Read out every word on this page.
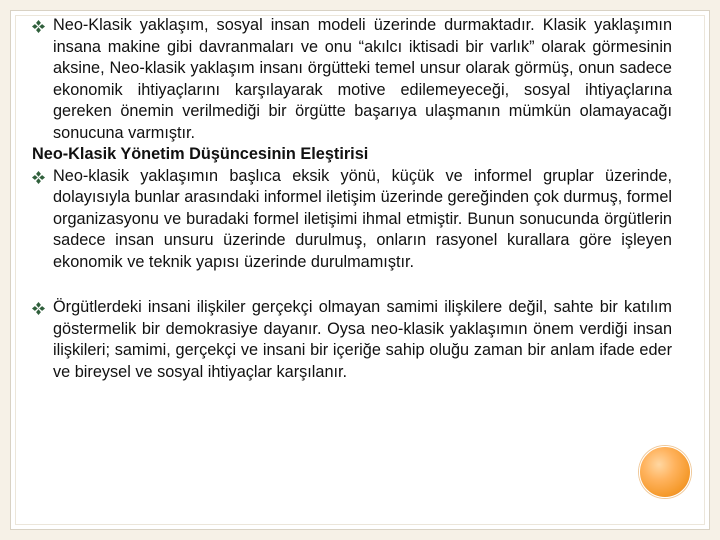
Neo-Klasik yaklaşım, sosyal insan modeli üzerinde durmaktadır. Klasik yaklaşımın insana makine gibi davranmaları ve onu “akılcı iktisadi bir varlık” olarak görmesinin aksine, Neo-klasik yaklaşım insanı örgütteki temel unsur olarak görmüş, onun sadece ekonomik ihtiyaçlarını karşılayarak motive edilemeyeceği, sosyal ihtiyaçlarına gereken önemin verilmediği bir örgütte başarıya ulaşmanın mümkün olamayacağı sonucuna varmıştır.

Neo-Klasik Yönetim Düşüncesinin Eleştirisi

Neo-klasik yaklaşımın başlıca eksik yönü, küçük ve informel gruplar üzerinde, dolayısıyla bunlar arasındaki informel iletişim üzerinde gereğinden çok durmuş, formel organizasyonu ve buradaki formel iletişimi ihmal etmiştir. Bunun sonucunda örgütlerin sadece insan unsuru üzerinde durulmuş, onların rasyonel kurallara göre işleyen ekonomik ve teknik yapısı üzerinde durulmamıştır.

Örgütlerdeki insani ilişkiler gerçekçi olmayan samimi ilişkilere değil, sahte bir katılım göstermelik bir demokrasiye dayanır. Oysa neo-klasik yaklaşımın önem verdiği insan ilişkileri; samimi, gerçekçi ve insani bir içeriğe sahip oluğu zaman bir anlam ifade eder ve bireysel ve sosyal ihtiyaçlar karşılanır.
